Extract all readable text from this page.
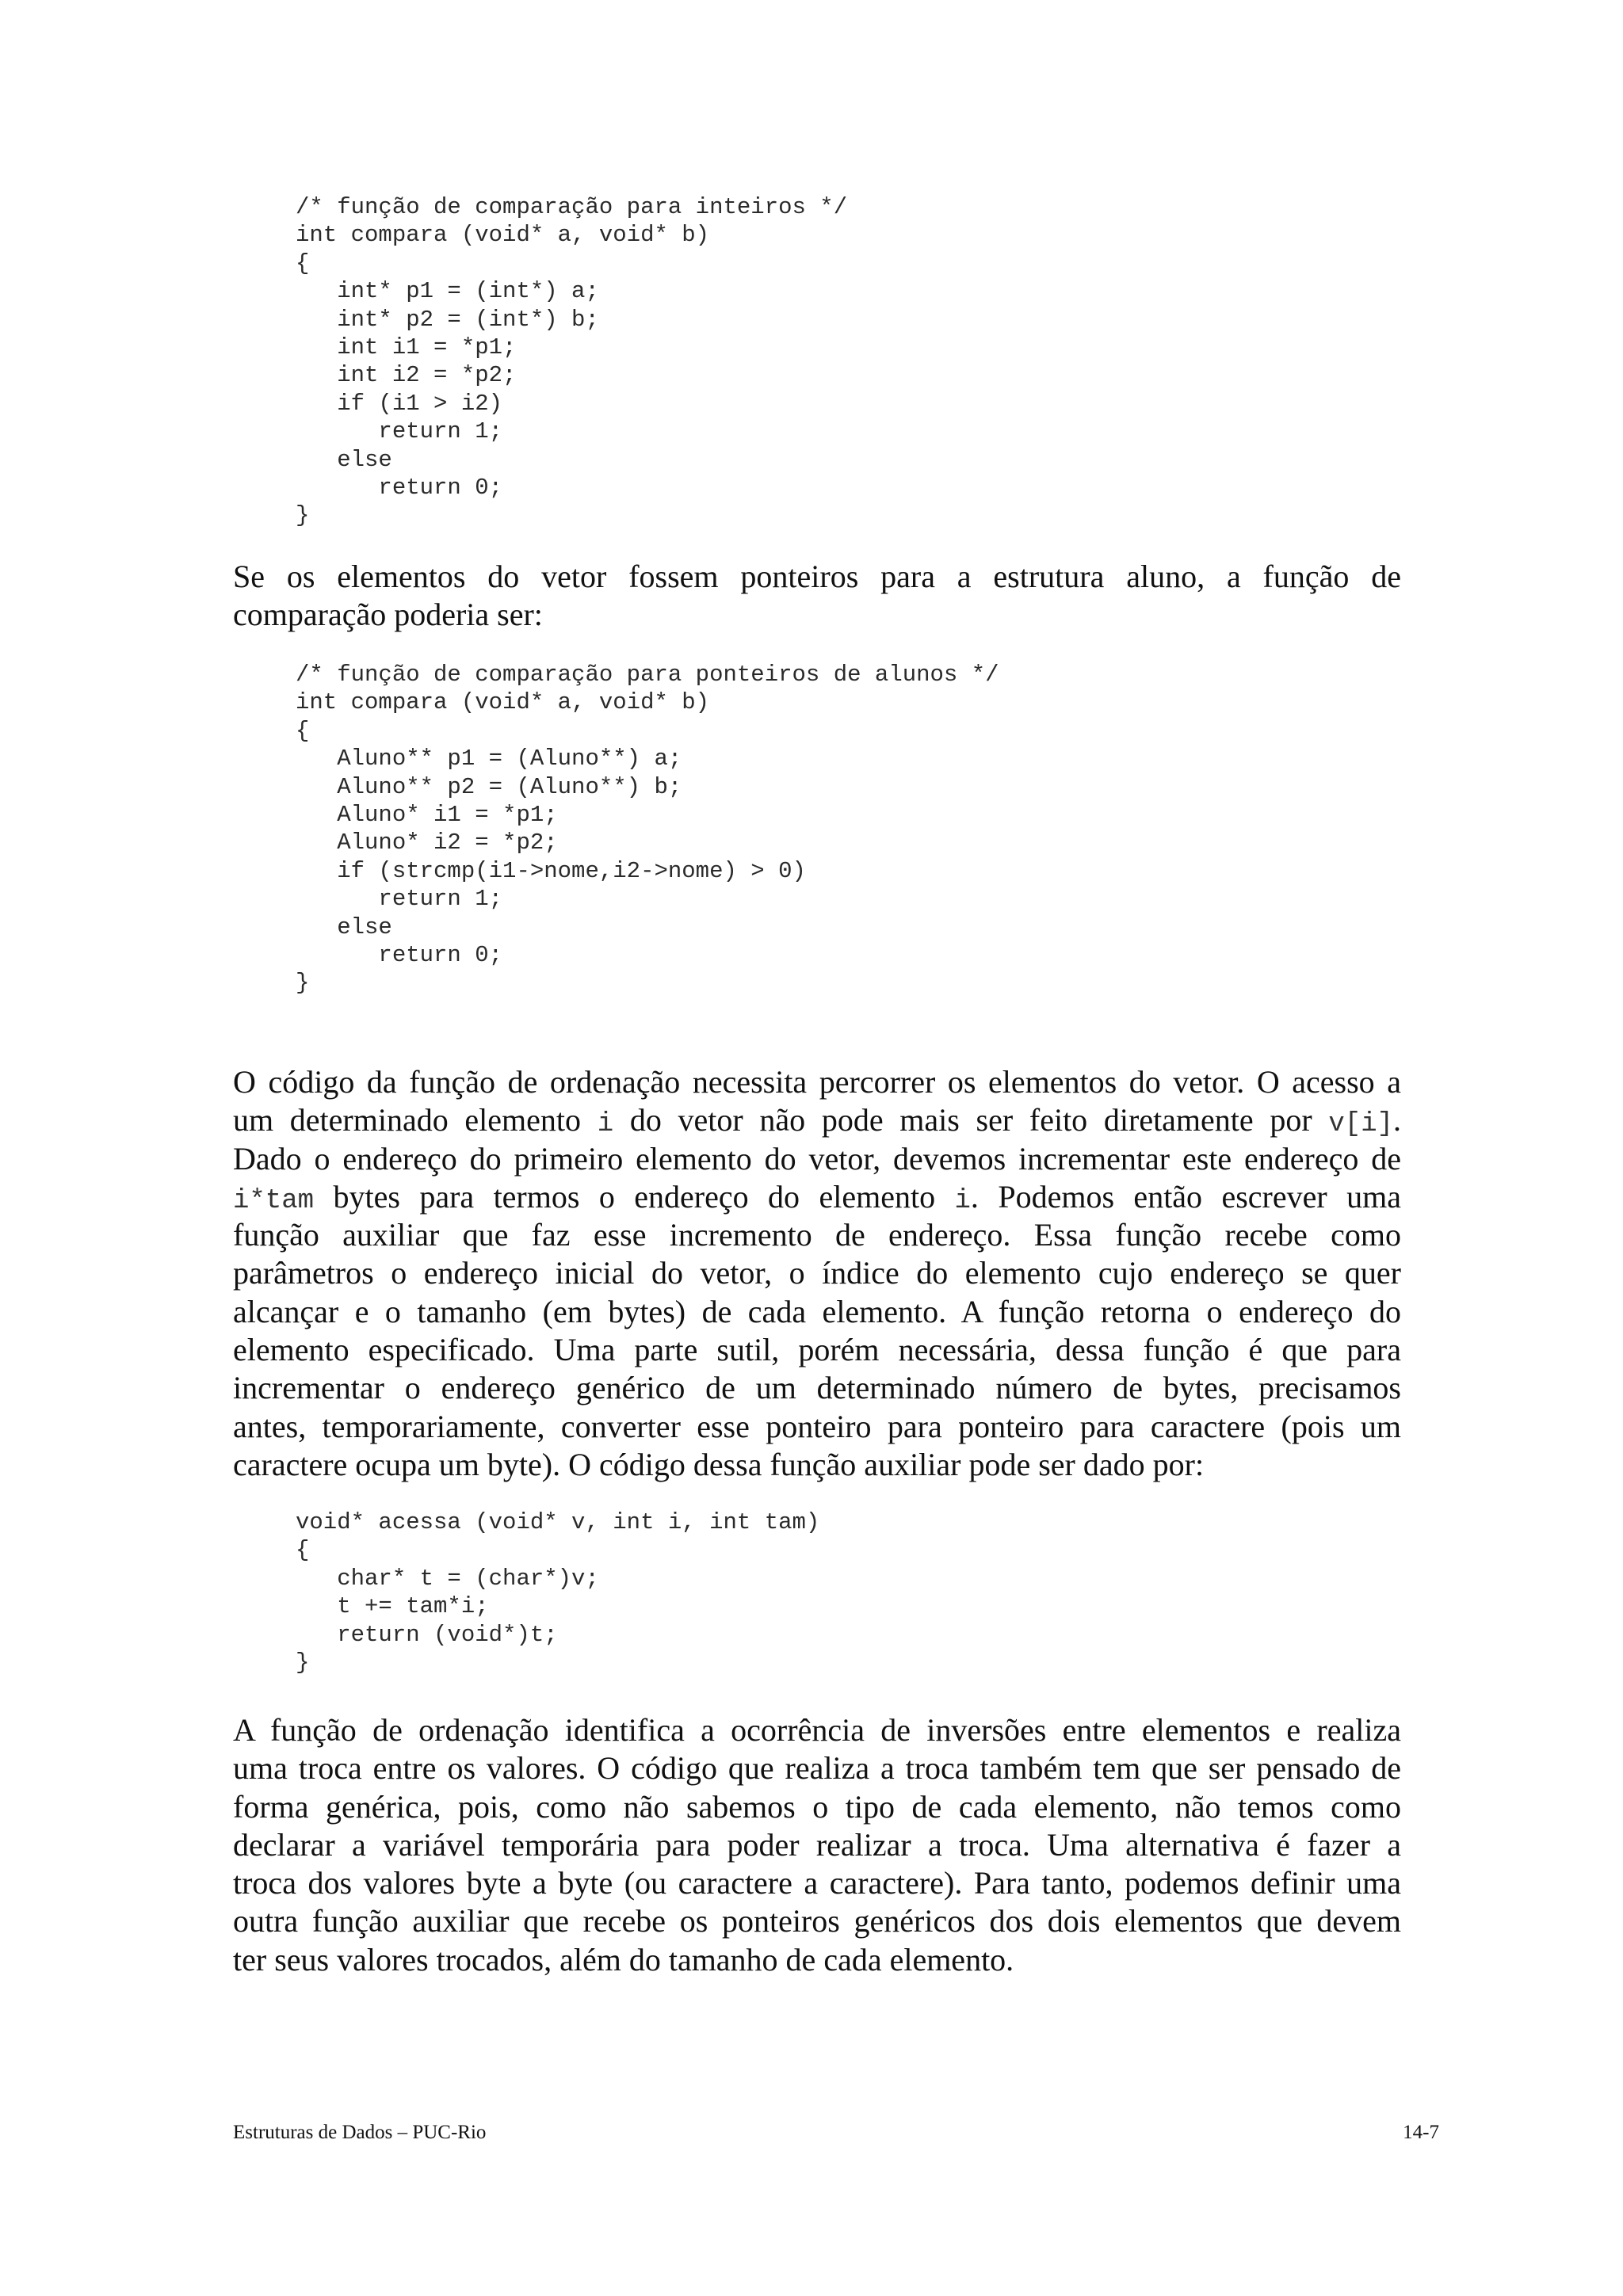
/* função de comparação para inteiros */
int compara (void* a, void* b)
{
int* p1 = (int*) a;
int* p2 = (int*) b;
int i1 = *p1;
int i2 = *p2;
if (i1 > i2)
return 1;
else
return 0;
}
Se os elementos do vetor fossem ponteiros para a estrutura aluno, a função de
comparação poderia ser:
/* função de comparação para ponteiros de alunos */
int compara (void* a, void* b)
{
Aluno** p1 = (Aluno**) a;
Aluno** p2 = (Aluno**) b;
Aluno* i1 = *p1;
Aluno* i2 = *p2;
if (strcmp(i1->nome,i2->nome) > 0)
return 1;
else
return 0;
}
O código da função de ordenação necessita percorrer os elementos do vetor. O acesso a
um determinado elemento i do vetor não pode mais ser feito diretamente por v[i].
Dado o endereço do primeiro elemento do vetor, devemos incrementar este endereço de
i*tam bytes para termos o endereço do elemento i. Podemos então escrever uma
função auxiliar que faz esse incremento de endereço. Essa função recebe como
parâmetros o endereço inicial do vetor, o índice do elemento cujo endereço se quer
alcançar e o tamanho (em bytes) de cada elemento. A função retorna o endereço do
elemento especificado. Uma parte sutil, porém necessária, dessa função é que para
incrementar o endereço genérico de um determinado número de bytes, precisamos
antes, temporariamente, converter esse ponteiro para ponteiro para caractere (pois um
caractere ocupa um byte). O código dessa função auxiliar pode ser dado por:
void* acessa (void* v, int i, int tam)
{
char* t = (char*)v;
t += tam*i;
return (void*)t;
}
A função de ordenação identifica a ocorrência de inversões entre elementos e realiza
uma troca entre os valores. O código que realiza a troca também tem que ser pensado de
forma genérica, pois, como não sabemos o tipo de cada elemento, não temos como
declarar a variável temporária para poder realizar a troca. Uma alternativa é fazer a
troca dos valores byte a byte (ou caractere a caractere). Para tanto, podemos definir uma
outra função auxiliar que recebe os ponteiros genéricos dos dois elementos que devem
ter seus valores trocados, além do tamanho de cada elemento.
Estruturas de Dados – PUC-Rio	14-7
